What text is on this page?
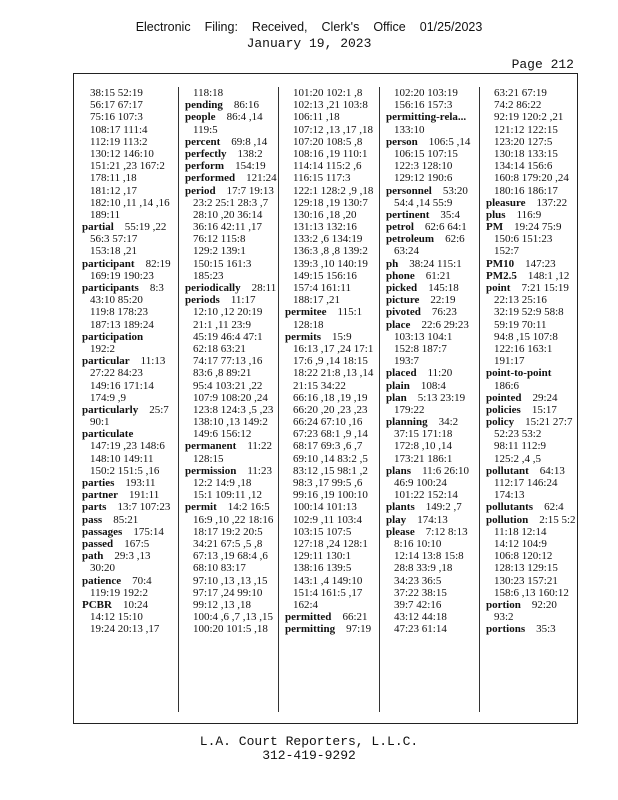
Electronic Filing: Received, Clerk's Office 01/25/2023
January 19, 2023
Page 212
38:15 52:19
56:17 67:17
75:16 107:3
108:17 111:4
112:19 113:2
130:12 146:10
151:21 ,23 167:2
178:11 ,18
181:12 ,17
182:10 ,11 ,14 ,16
189:11
partial  55:19 ,22
56:3 57:17
153:18 ,21
participant  82:19
169:19 190:23
participants  8:3
43:10 85:20
119:8 178:23
187:13 189:24
participation
192:2
particular  11:13
27:22 84:23
149:16 171:14
174:9 ,9
particularly  25:7
90:1
particulate
147:19 ,23 148:6
148:10 149:11
150:2 151:5 ,16
parties  193:11
partner  191:11
parts  13:7 107:23
pass  85:21
passages  175:14
passed  167:5
path  29:3 ,13
30:20
patience  70:4
119:19 192:2
PCBR  10:24
14:12 15:10
19:24 20:13 ,17
118:18
pending  86:16
people  86:4 ,14
119:5
percent  69:8 ,14
perfectly  138:2
perform  154:19
performed  121:24
period  17:7 19:13
23:2 25:1 28:3 ,7
28:10 ,20 36:14
36:16 42:11 ,17
76:12 115:8
129:2 139:1
150:15 161:3
185:23
periodically  28:11
periods  11:17
12:10 ,12 20:19
21:1 ,11 23:9
45:19 46:4 47:1
62:18 63:21
74:17 77:13 ,16
83:6 ,8 89:21
95:4 103:21 ,22
107:9 108:20 ,24
123:8 124:3 ,5 ,23
138:10 ,13 149:2
149:6 156:12
permanent  11:22
128:15
permission  11:23
12:2 14:9 ,18
15:1 109:11 ,12
permit  14:2 16:5
16:9 ,10 ,22 18:16
18:17 19:2 20:5
34:21 67:5 ,5 ,8
67:13 ,19 68:4 ,6
68:10 83:17
97:10 ,13 ,13 ,15
97:17 ,24 99:10
99:12 ,13 ,18
100:4 ,6 ,7 ,13 ,15
100:20 101:5 ,18
101:20 102:1 ,8
102:13 ,21 103:8
106:11 ,18
107:12 ,13 ,17 ,18
107:20 108:5 ,8
108:16 ,19 110:1
114:14 115:2 ,6
116:15 117:3
122:1 128:2 ,9 ,18
129:18 ,19 130:7
130:16 ,18 ,20
131:13 132:16
133:2 ,6 134:19
136:3 ,8 ,8 139:2
139:3 ,10 140:19
149:15 156:16
157:4 161:11
188:17 ,21
permitee  115:1
128:18
permits  15:9
16:13 ,17 ,24 17:1
17:6 ,9 ,14 18:15
18:22 21:8 ,13 ,14
21:15 34:22
66:16 ,18 ,19 ,19
66:20 ,20 ,23 ,23
66:24 67:10 ,16
67:23 68:1 ,9 ,14
68:17 69:3 ,6 ,7
69:10 ,14 83:2 ,5
83:12 ,15 98:1 ,2
98:3 ,17 99:5 ,6
99:16 ,19 100:10
100:14 101:13
102:9 ,11 103:4
103:15 107:5
127:18 ,24 128:1
129:11 130:1
138:16 139:5
143:1 ,4 149:10
151:4 161:5 ,17
162:4
permitted  66:21
permitting  97:19
102:20 103:19
156:16 157:3
permitting-rela...
133:10
person  106:5 ,14
106:15 107:15
122:3 128:10
129:12 190:6
personnel  53:20
54:4 ,14 55:9
pertinent  35:4
petrol  62:6 64:1
petroleum  62:6
63:24
ph  38:24 115:1
phone  61:21
picked  145:18
picture  22:19
pivoted  76:23
place  22:6 29:23
103:13 104:1
152:8 187:7
193:7
placed  11:20
plain  108:4
plan  5:13 23:19
179:22
planning  34:2
37:15 171:18
172:8 ,10 ,14
173:21 186:1
plans  11:6 26:10
46:9 100:24
101:22 152:14
plants  149:2 ,7
play  174:13
please  7:12 8:13
8:16 10:10
12:14 13:8 15:8
28:8 33:9 ,18
34:23 36:5
37:22 38:15
39:7 42:16
43:12 44:18
47:23 61:14
63:21 67:19
74:2 86:22
92:19 120:2 ,21
121:12 122:15
123:20 127:5
130:18 133:15
134:14 156:6
160:8 179:20 ,24
180:16 186:17
pleasure  137:22
plus  116:9
PM  19:24 75:9
150:6 151:23
152:7
PM10  147:23
PM2.5  148:1 ,12
point  7:21 15:19
22:13 25:16
32:19 52:9 58:8
59:19 70:11
94:8 ,15 107:8
122:16 163:1
191:17
point-to-point
186:6
pointed  29:24
policies  15:17
policy  15:21 27:7
52:23 53:2
98:11 112:9
125:2 ,4 ,5
pollutant  64:13
112:17 146:24
174:13
pollutants  62:4
pollution  2:15 5:2
11:18 12:14
14:12 104:9
106:8 120:12
128:13 129:15
130:23 157:21
158:6 ,13 160:12
portion  92:20
93:2
portions  35:3
L.A. Court Reporters, L.L.C.
312-419-9292
